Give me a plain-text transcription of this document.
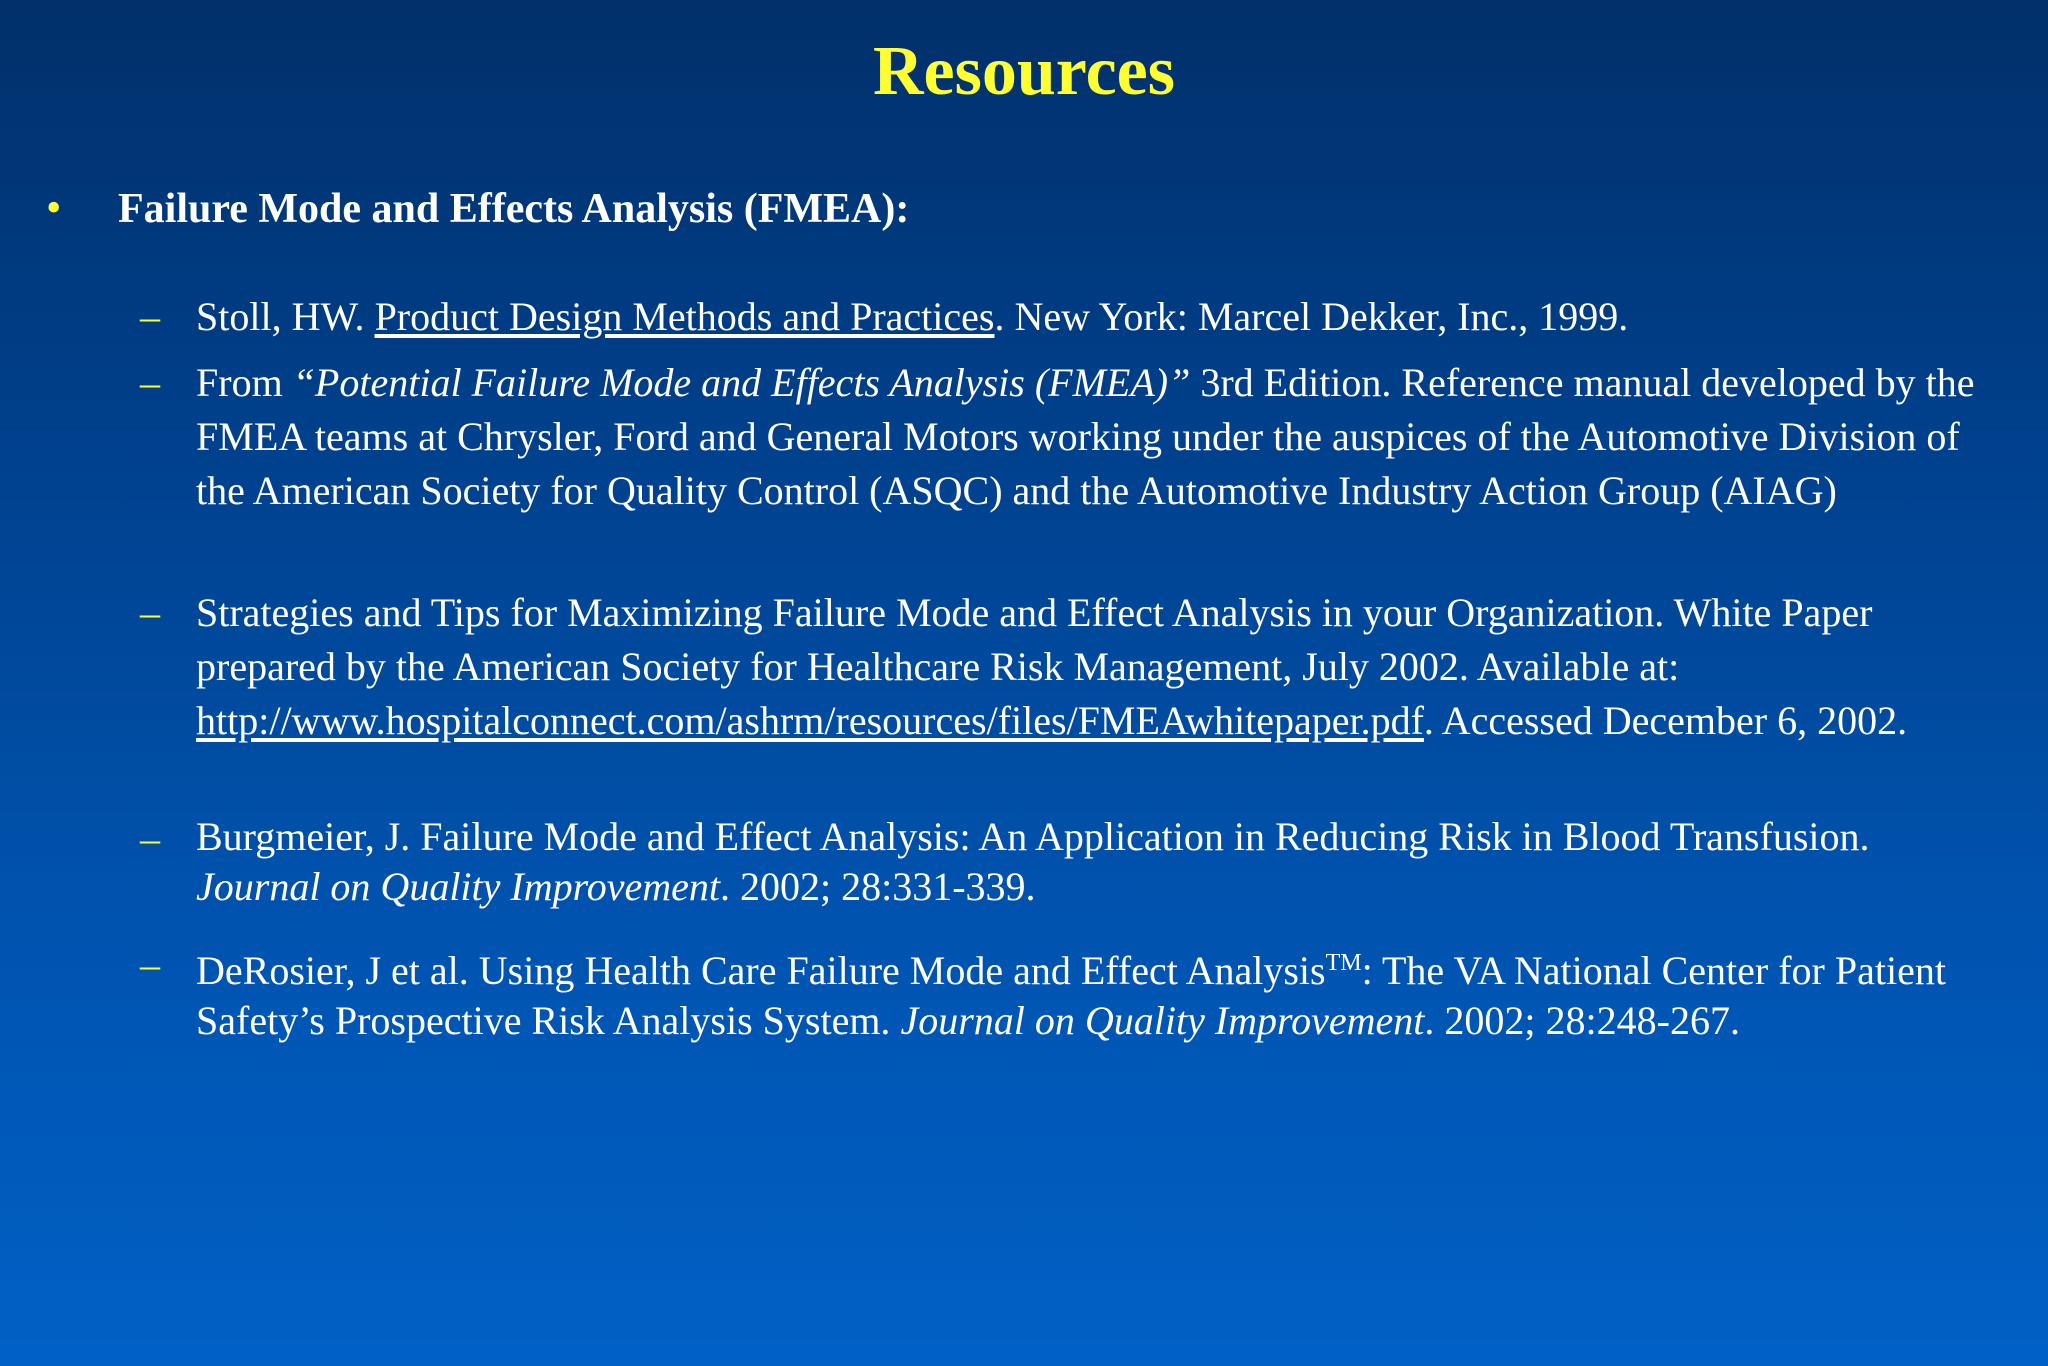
Resources
•	Failure Mode and Effects Analysis (FMEA):
– Stoll, HW. Product Design Methods and Practices. New York: Marcel Dekker, Inc., 1999.
– From “Potential Failure Mode and Effects Analysis (FMEA)” 3rd Edition. Reference manual developed by the FMEA teams at Chrysler, Ford and General Motors working under the auspices of the Automotive Division of the American Society for Quality Control (ASQC) and the Automotive Industry Action Group (AIAG)
– Strategies and Tips for Maximizing Failure Mode and Effect Analysis in your Organization. White Paper prepared by the American Society for Healthcare Risk Management, July 2002. Available at: http://www.hospitalconnect.com/ashrm/resources/files/FMEAwhitepaper.pdf. Accessed December 6, 2002.
– Burgmeier, J. Failure Mode and Effect Analysis: An Application in Reducing Risk in Blood Transfusion. Journal on Quality Improvement. 2002; 28:331-339.
– DeRosier, J et al. Using Health Care Failure Mode and Effect Analysis™: The VA National Center for Patient Safety’s Prospective Risk Analysis System. Journal on Quality Improvement. 2002; 28:248-267.
